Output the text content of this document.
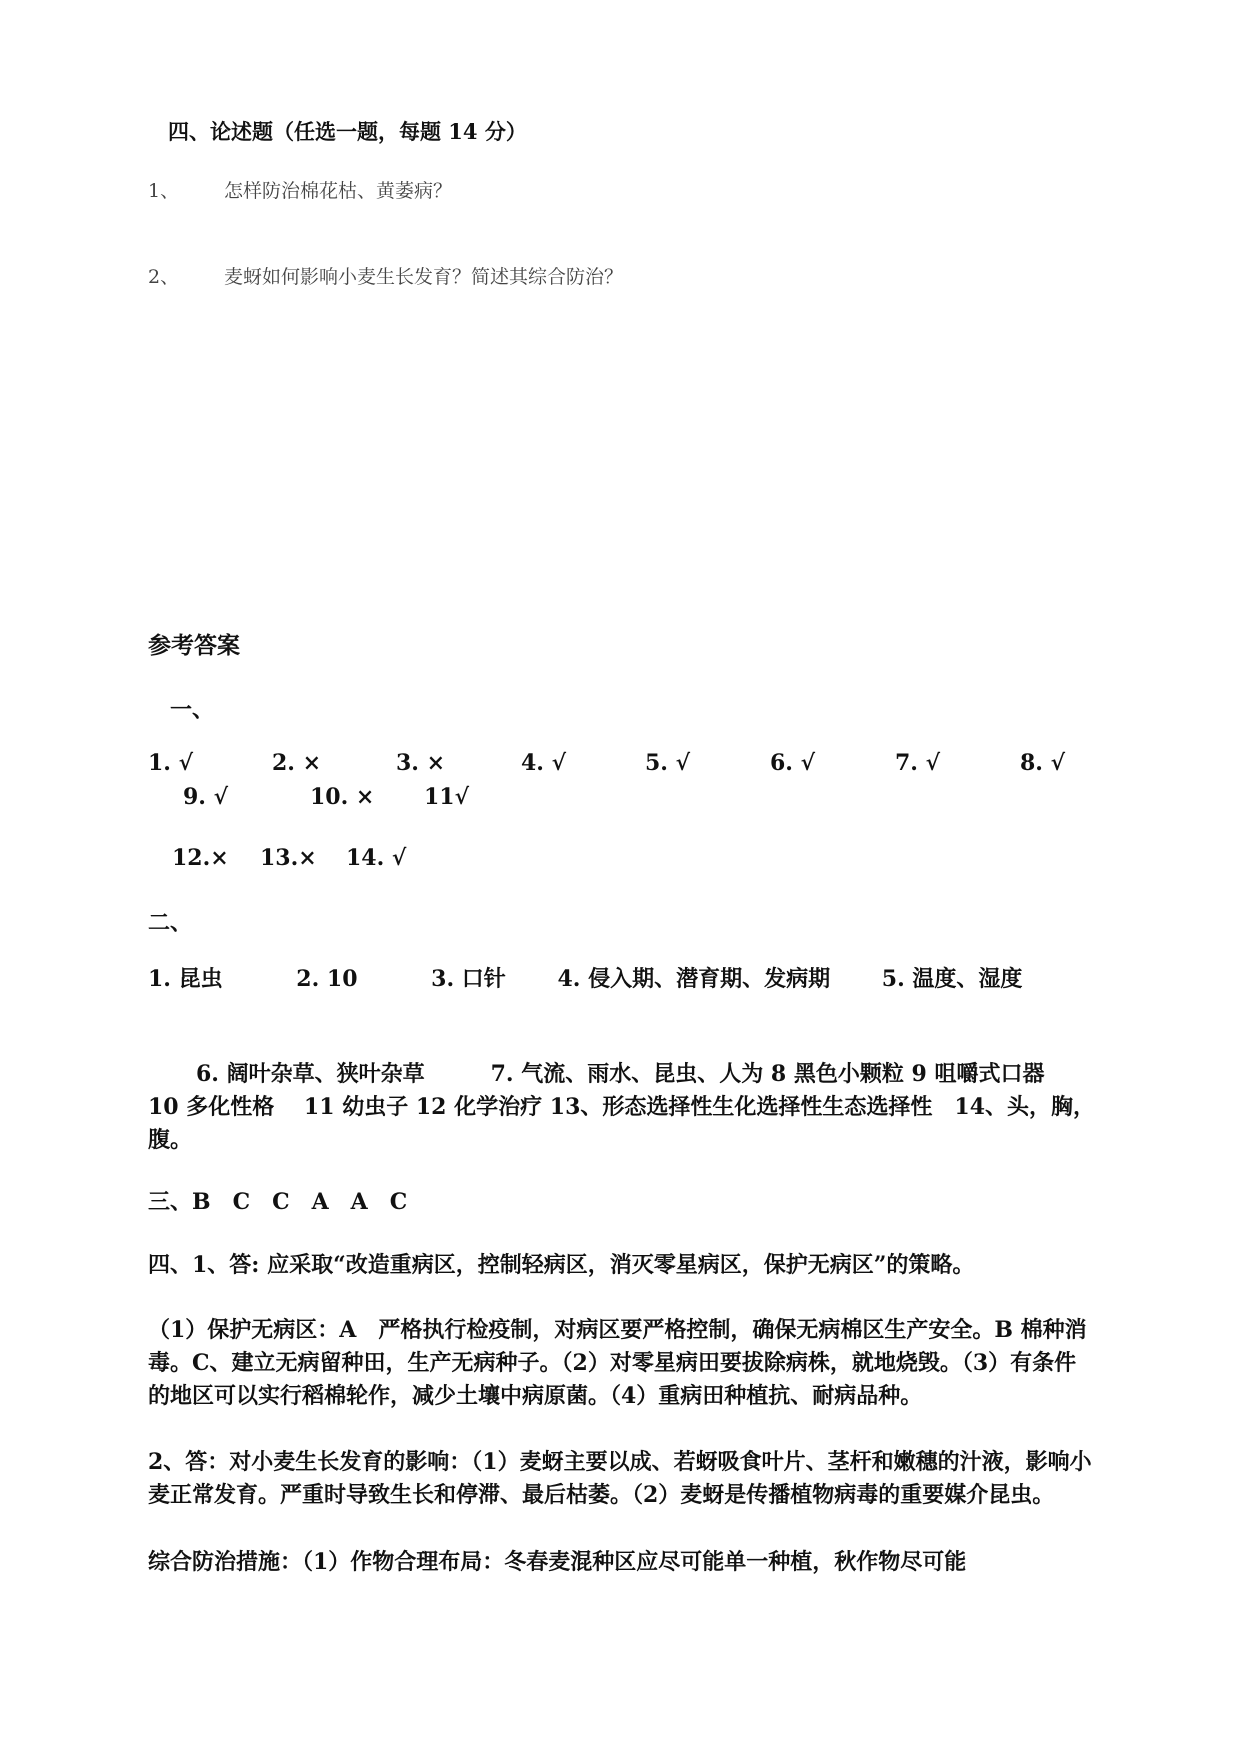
四、论述题（任选一题，每题 14 分）
1、 怎样防治棉花枯、黄萎病？
2、 麦蚜如何影响小麦生长发育？简述其综合防治？
参考答案
一、
1. √	2. ×	3. ×	4. √	5. √	6. √	7. √	8. √
9. √	10. × 11√
12.× 13.× 14. √
二、
1. 昆虫　　　 2. 10　　　 3. 口针　　 4. 侵入期、潜育期、发病期　　 5. 温度、湿度
6. 阔叶杂草、狭叶杂草　　　7. 气流、雨水、昆虫、人为 8 黑色小颗粒 9 咀嚼式口器　　 10 多化性格　 11 幼虫子 12 化学治疗 13、形态选择性生化选择性生态选择性　14、头，胸，腹。
三、B　C　C　A　A　C
四、1、答: 应采取“改造重病区，控制轻病区，消灭零星病区，保护无病区”的策略。
（1）保护无病区：A　严格执行检疫制，对病区要严格控制，确保无病棉区生产安全。B 棉种消毒。C、建立无病留种田，生产无病种子。（2）对零星病田要拔除病株，就地烧毁。（3）有条件的地区可以实行稻棉轮作，减少土壤中病原菌。（4）重病田种植抗、耐病品种。
2、答：对小麦生长发育的影响：（1）麦蚜主要以成、若蚜吸食叶片、茎杆和嫩穗的汁液，影响小麦正常发育。严重时导致生长和停滞、最后枯萎。（2）麦蚜是传播植物病毒的重要媒介昆虫。
综合防治措施：（1）作物合理布局：冬春麦混种区应尽可能单一种植，秋作物尽可能
